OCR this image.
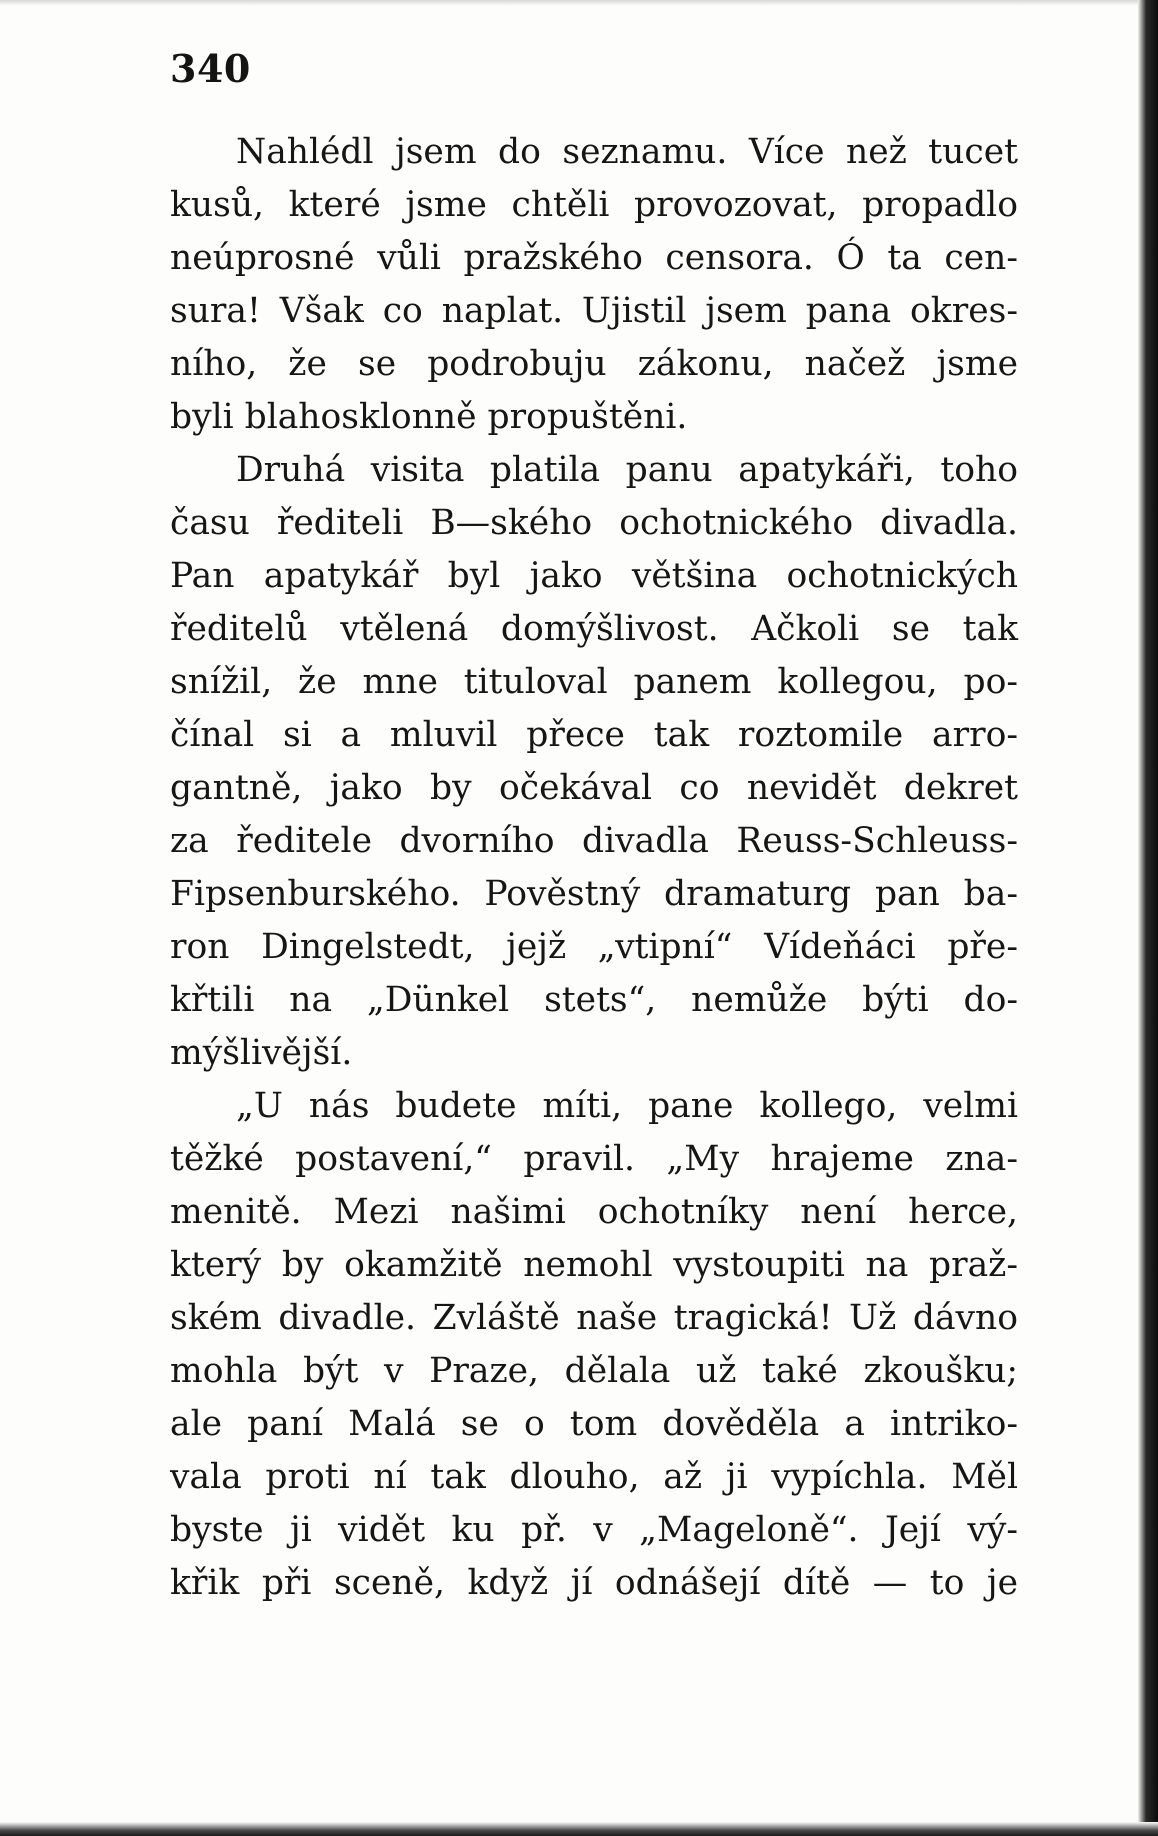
340
Nahlédl jsem do seznamu. Více než tucet
kusů, které jsme chtěli provozovat, propadlo
neúprosné vůli pražského censora. Ó ta cen-
sura! Však co naplat. Ujistil jsem pana okres-
ního, že se podrobuju zákonu, načež jsme
byli blahosklonně propuštěni.
Druhá visita platila panu apatykáři, toho
času řediteli B—ského ochotnického divadla.
Pan apatykář byl jako většina ochotnických
ředitelů vtělená domýšlivost. Ačkoli se tak
snížil, že mne tituloval panem kollegou, po-
čínal si a mluvil přece tak roztomile arro-
gantně, jako by očekával co nevidět dekret
za ředitele dvorního divadla Reuss-Schleuss-
Fipsenburského. Pověstný dramaturg pan ba-
ron Dingelstedt, jejž „vtipní“ Vídeňáci pře-
křtili na „Dünkel stets“, nemůže býti do-
mýšlivější.
„U nás budete míti, pane kollego, velmi
těžké postavení,“ pravil. „My hrajeme zna-
menitě. Mezi našimi ochotníky není herce,
který by okamžitě nemohl vystoupiti na praž-
ském divadle. Zvláště naše tragická! Už dávno
mohla být v Praze, dělala už také zkoušku;
ale paní Malá se o tom dověděla a intriko-
vala proti ní tak dlouho, až ji vypíchla. Měl
byste ji vidět ku př. v „Mageloně“. Její vý-
křik při sceně, když jí odnášejí dítě — to je
